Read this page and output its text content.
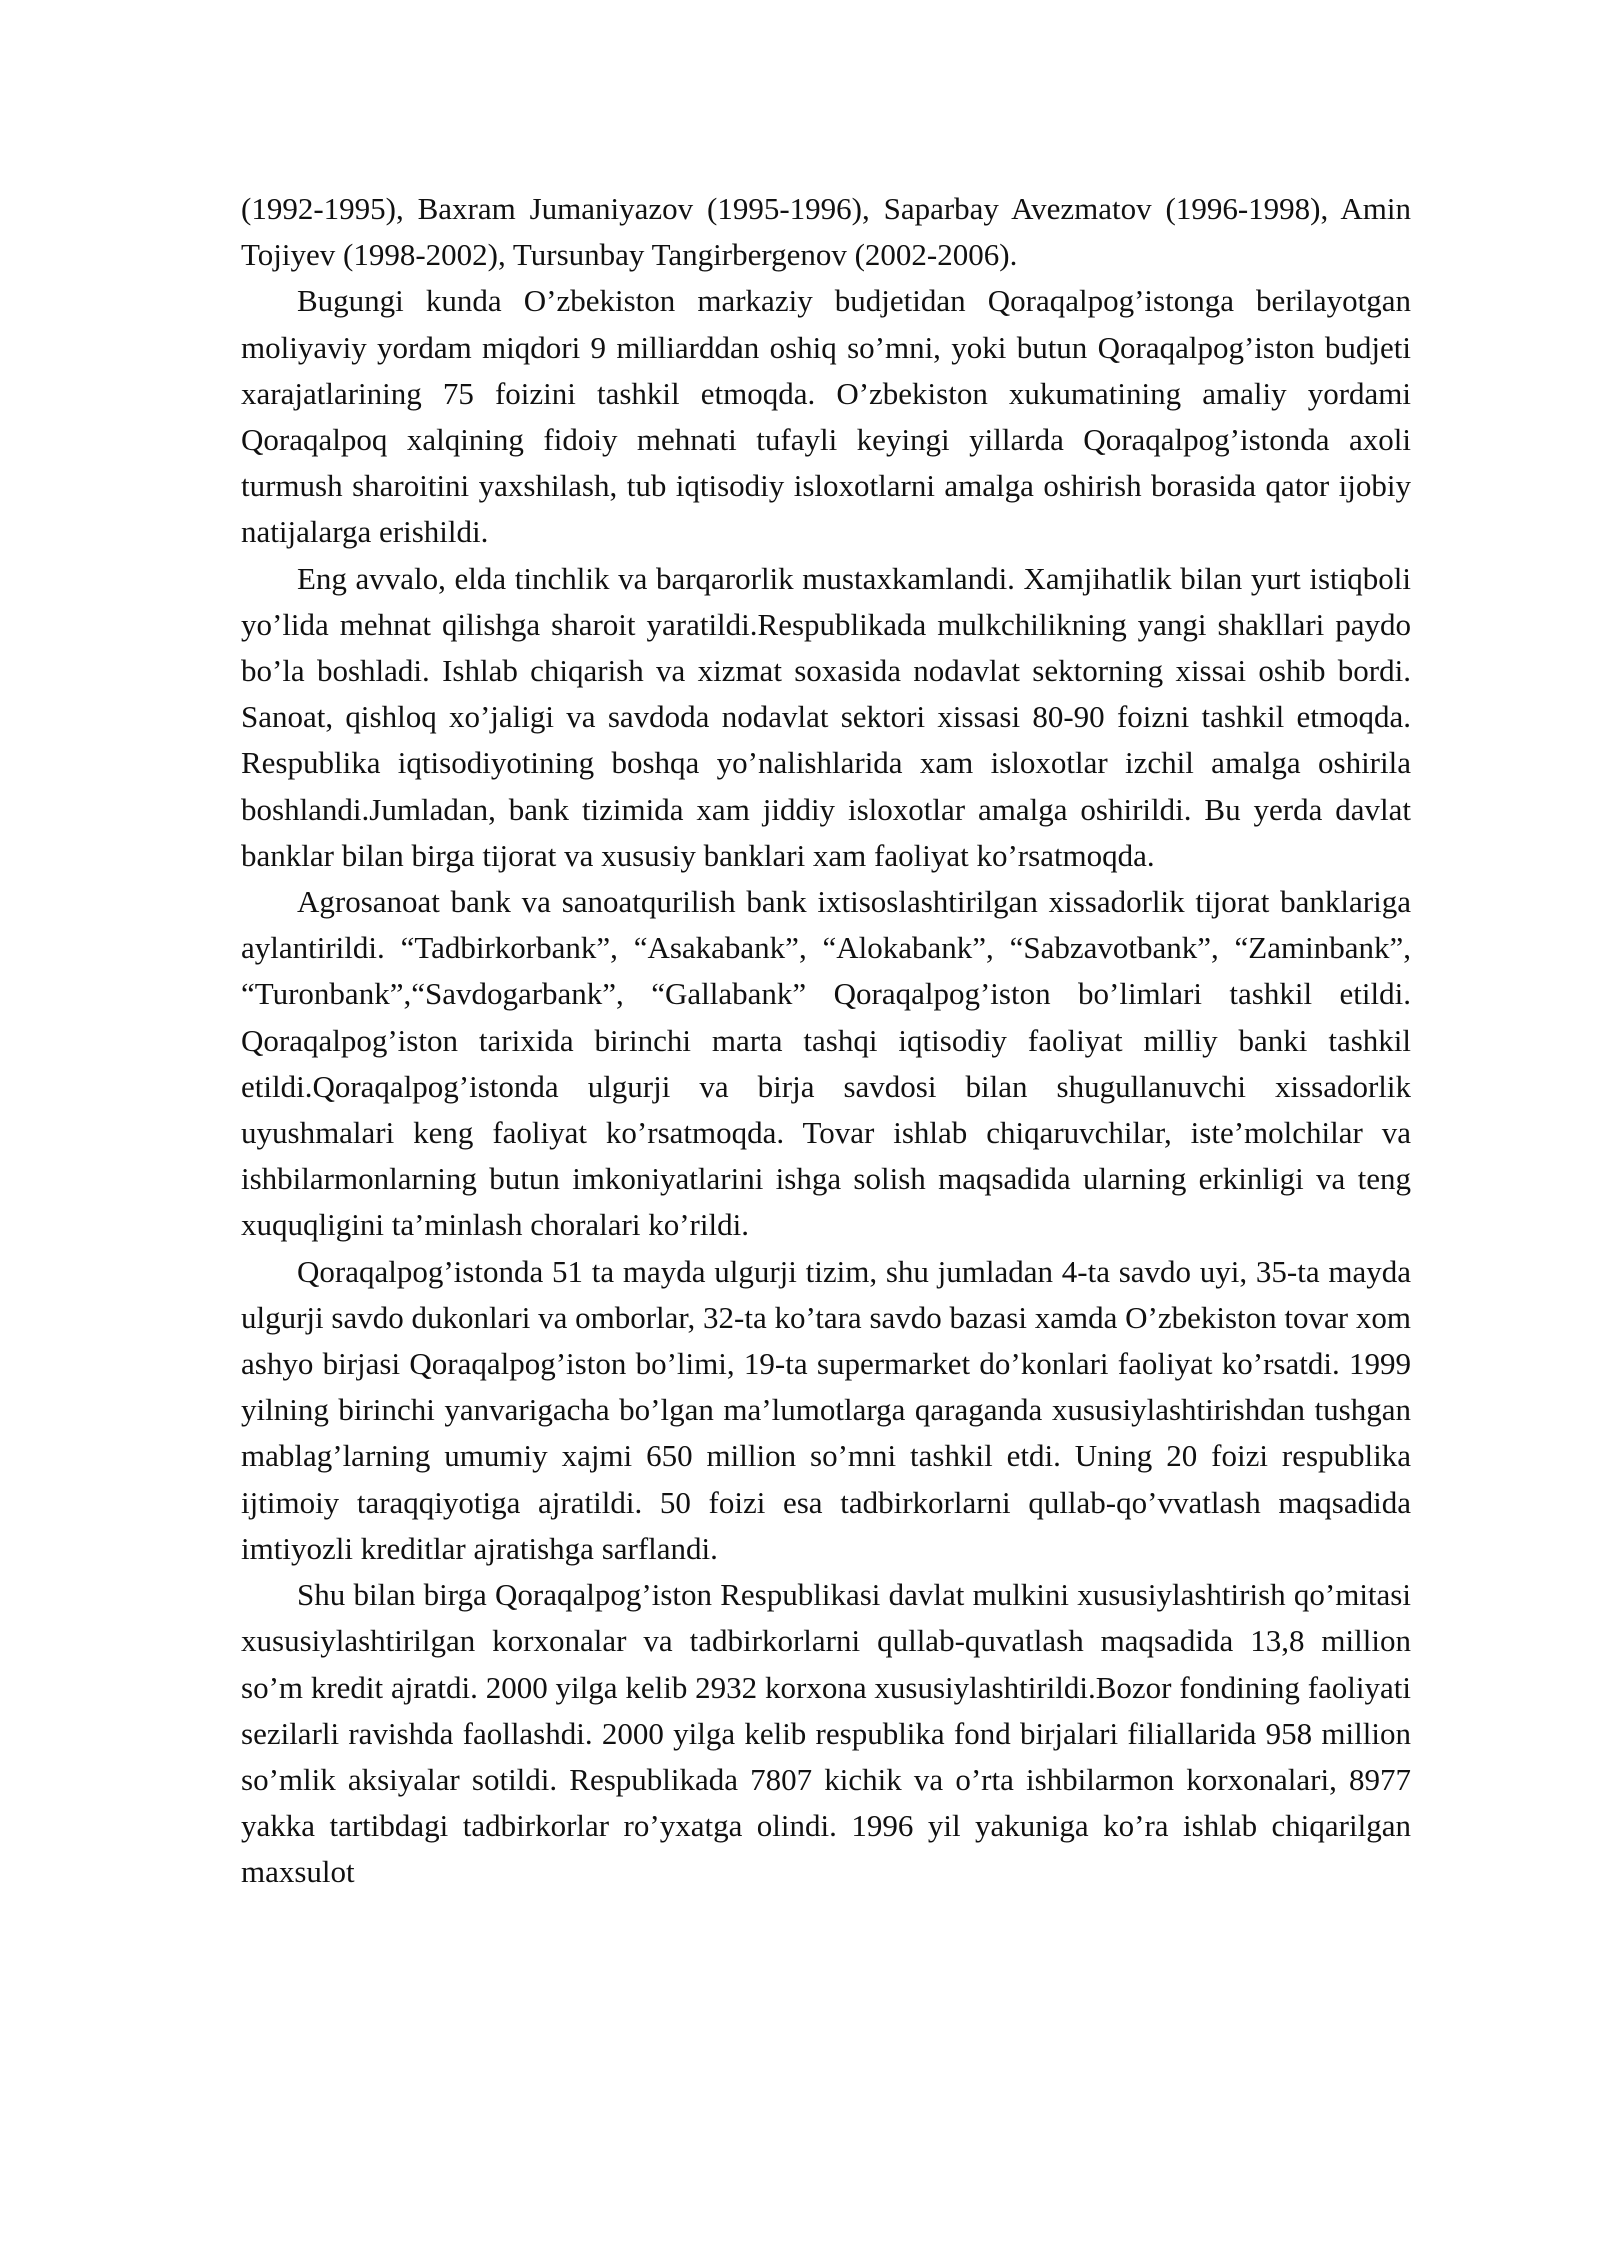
(1992-1995), Baxram Jumaniyazov (1995-1996), Saparbay Avezmatov (1996-1998), Amin Tojiyev (1998-2002), Tursunbay Tangirbergenov (2002-2006).

Bugungi kunda O’zbekiston markaziy budjetidan Qoraqalpog’istonga berilayotgan moliyaviy yordam miqdori 9 milliarddan oshiq so’mni, yoki butun Qoraqalpog’iston budjeti xarajatlarining 75 foizini tashkil etmoqda. O’zbekiston xukumatining amaliy yordami Qoraqalpoq xalqining fidoiy mehnati tufayli keyingi yillarda Qoraqalpog’istonda axoli turmush sharoitini yaxshilash, tub iqtisodiy isloxotlarni amalga oshirish borasida qator ijobiy natijalarga erishildi.

Eng avvalo, elda tinchlik va barqarorlik mustaxkamlandi. Xamjihatlik bilan yurt istiqboli yo’lida mehnat qilishga sharoit yaratildi.Respublikada mulkchilikning yangi shakllari paydo bo’la boshladi. Ishlab chiqarish va xizmat soxasida nodavlat sektorning xissai oshib bordi. Sanoat, qishloq xo’jaligi va savdoda nodavlat sektori xissasi 80-90 foizni tashkil etmoqda. Respublika iqtisodiyotining boshqa yo’nalishlarida xam isloxotlar izchil amalga oshirila boshlandi.Jumladan, bank tizimida xam jiddiy isloxotlar amalga oshirildi. Bu yerda davlat banklar bilan birga tijorat va xususiy banklari xam faoliyat ko’rsatmoqda.

Agrosanoat bank va sanoatqurilish bank ixtisoslashtirilgan xissadorlik tijorat banklariga aylantirildi. “Tadbirkorbank”, “Asakabank”, “Alokabank”, “Sabzavotbank”, “Zaminbank”, “Turonbank”,“Savdogarbank”, “Gallabank” Qoraqalpog’iston bo’limlari tashkil etildi. Qoraqalpog’iston tarixida birinchi marta tashqi iqtisodiy faoliyat milliy banki tashkil etildi.Qoraqalpog’istonda ulgurji va birja savdosi bilan shugullanuvchi xissadorlik uyushmalari keng faoliyat ko’rsatmoqda. Tovar ishlab chiqaruvchilar, iste’molchilar va ishbilarmonlarning butun imkoniyatlarini ishga solish maqsadida ularning erkinligi va teng xuquqligini ta’minlash choralari ko’rildi.

Qoraqalpog’istonda 51 ta mayda ulgurji tizim, shu jumladan 4-ta savdo uyi, 35-ta mayda ulgurji savdo dukonlari va omborlar, 32-ta ko’tara savdo bazasi xamda O’zbekiston tovar xom ashyo birjasi Qoraqalpog’iston bo’limi, 19-ta supermarket do’konlari faoliyat ko’rsatdi. 1999 yilning birinchi yanvarigacha bo’lgan ma’lumotlarga qaraganda xususiylashtirishdan tushgan mablag’larning umumiy xajmi 650 million so’mni tashkil etdi. Uning 20 foizi respublika ijtimoiy taraqqiyotiga ajratildi. 50 foizi esa tadbirkorlarni qullab-qo’vvatlash maqsadida imtiyozli kreditlar ajratishga sarflandi.

Shu bilan birga Qoraqalpog’iston Respublikasi davlat mulkini xususiylashtirish qo’mitasi xususiylashtirilgan korxonalar va tadbirkorlarni qullab-quvatlash maqsadida 13,8 million so’m kredit ajratdi. 2000 yilga kelib 2932 korxona xususiylashtirildi.Bozor fondining faoliyati sezilarli ravishda faollashdi. 2000 yilga kelib respublika fond birjalari filiallarida 958 million so’mlik aksiyalar sotildi. Respublikada 7807 kichik va o’rta ishbilarmon korxonalari, 8977 yakka tartibdagi tadbirkorlar ro’yxatga olindi. 1996 yil yakuniga ko’ra ishlab chiqarilgan maxsulot
